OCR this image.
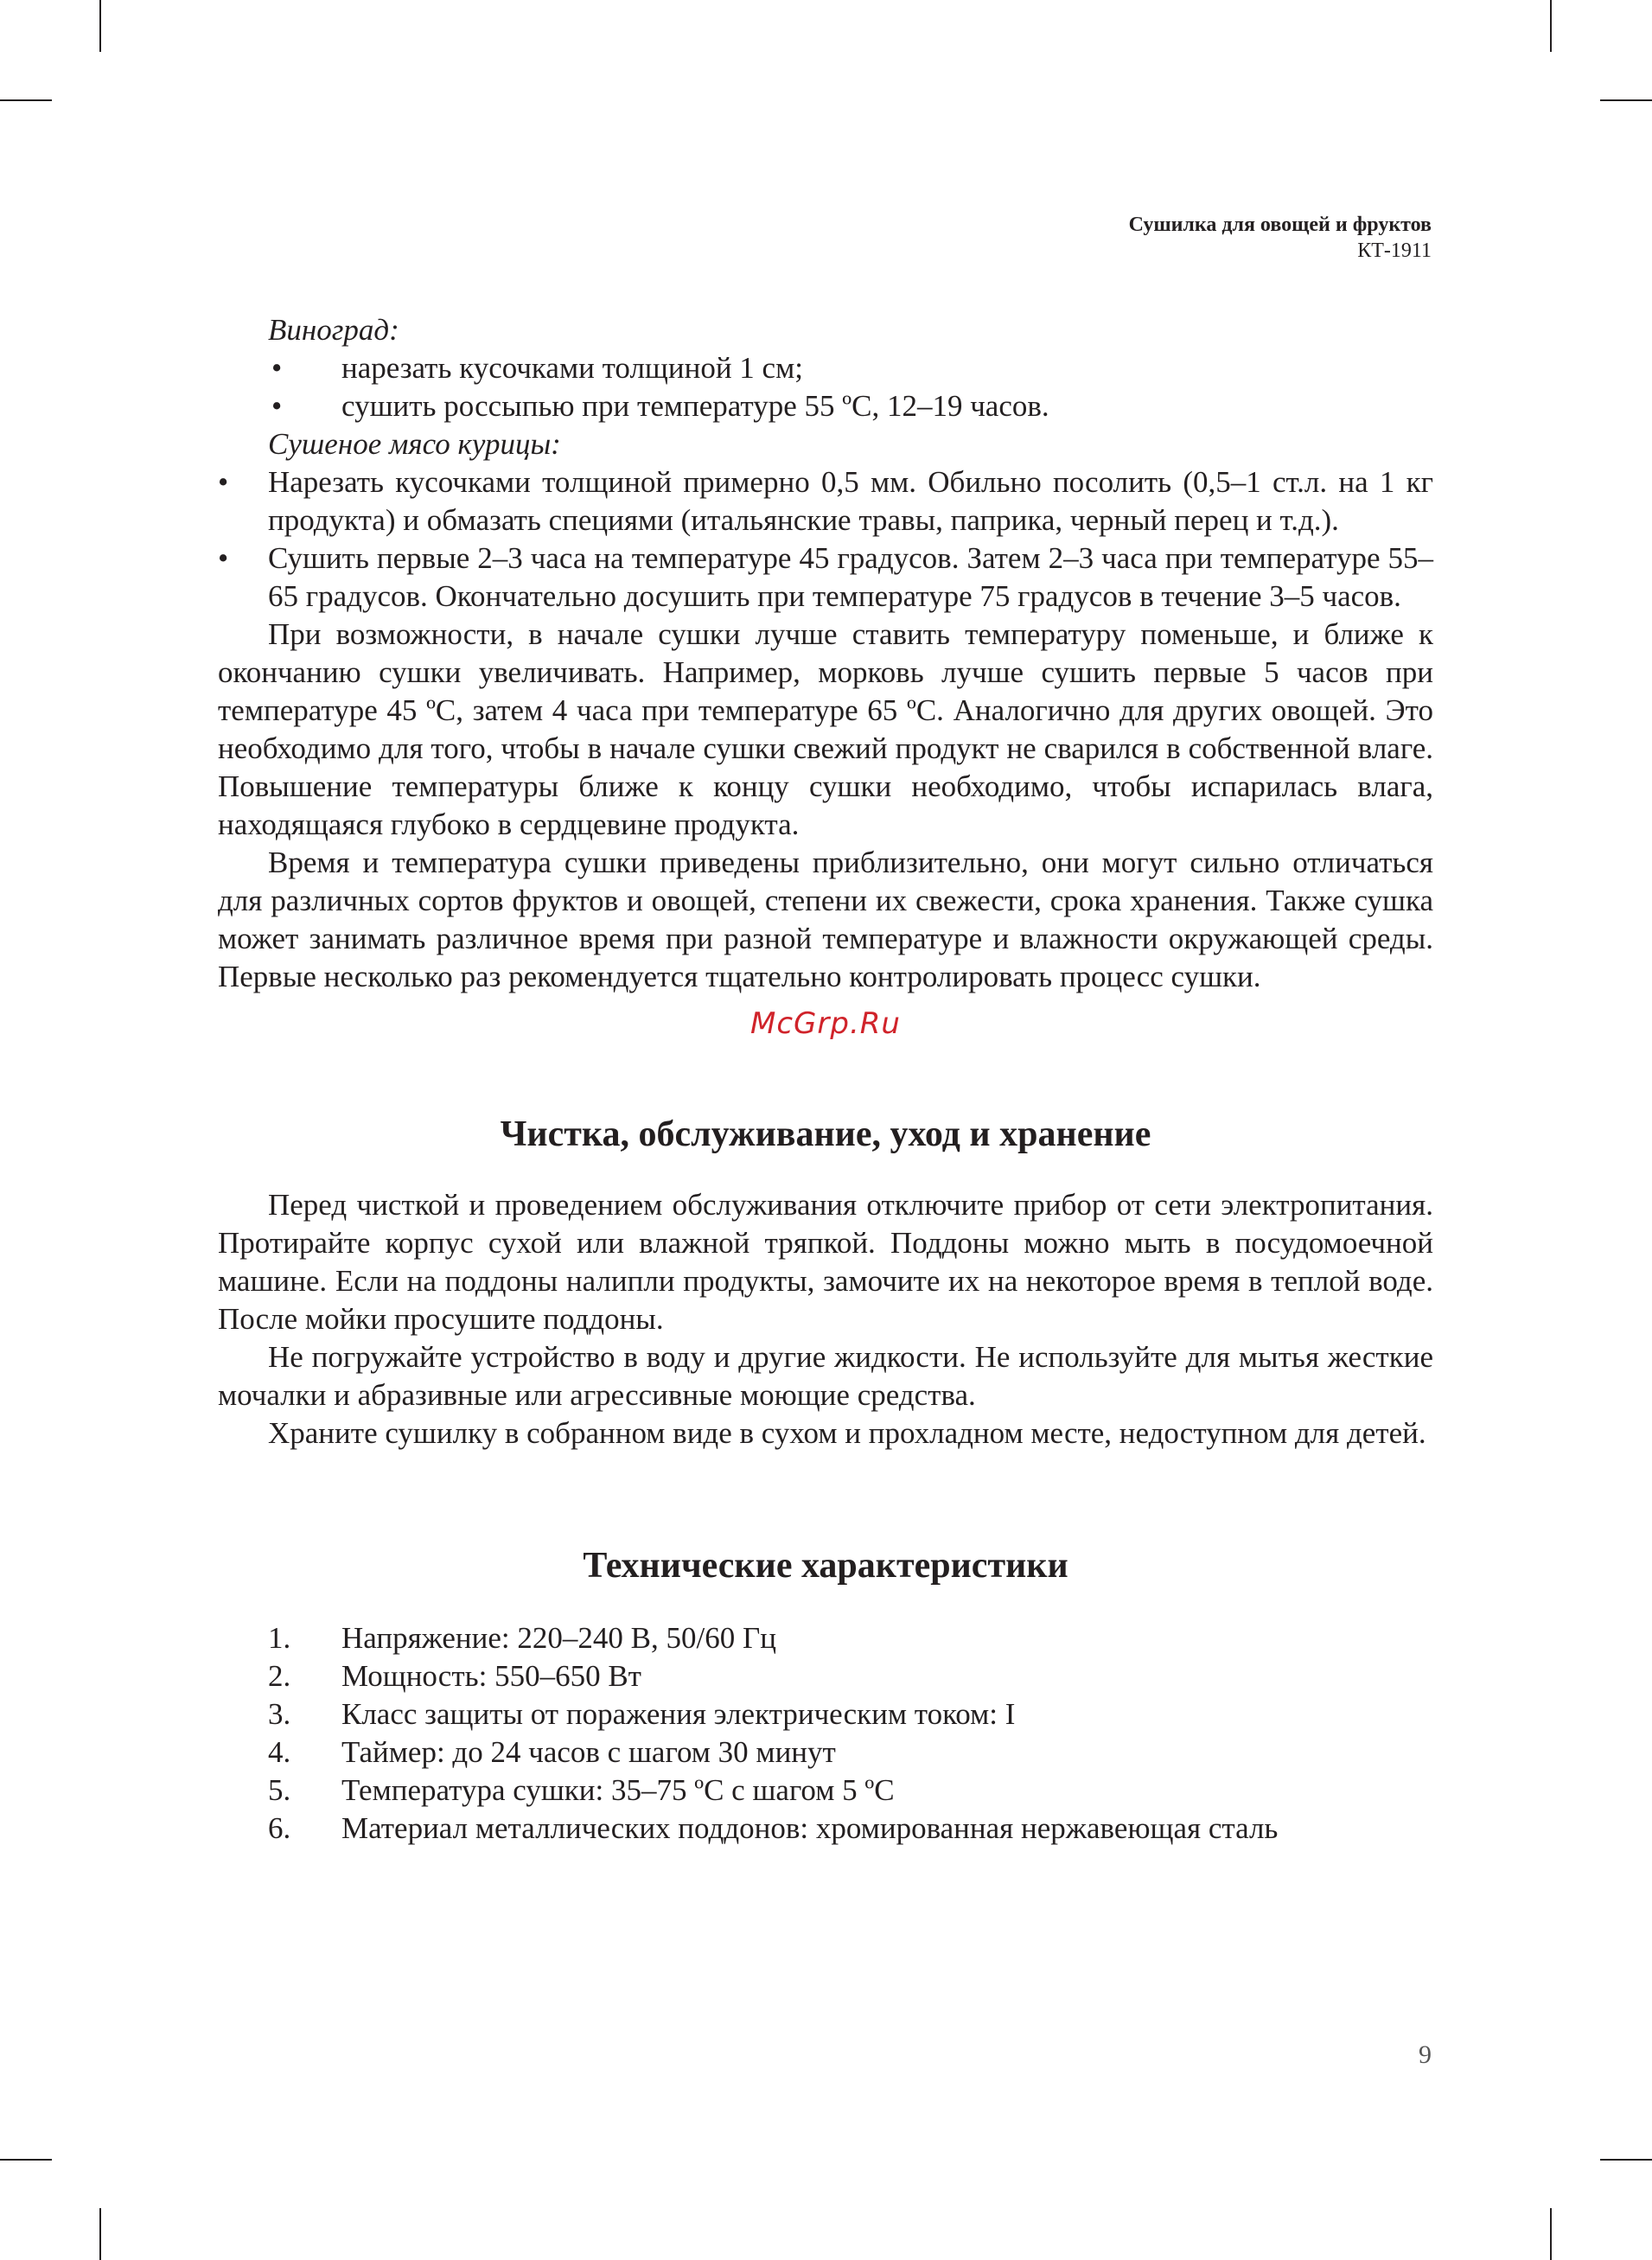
Сушилка для овощей и фруктов
КТ-1911

Виноград:

• нарезать кусочками толщиной 1 см;
• сушить россыпью при температуре 55 ºС, 12–19 часов.

Сушеное мясо курицы:

• Нарезать кусочками толщиной примерно 0,5 мм. Обильно посолить (0,5–1 ст.л. на 1 кг продукта) и обмазать специями (итальянские травы, паприка, черный перец и т.д.).
• Сушить первые 2–3 часа на температуре 45 градусов. Затем 2–3 часа при температуре 55–65 градусов. Окончательно досушить при температуре 75 градусов в течение 3–5 часов.

При возможности, в начале сушки лучше ставить температуру поменьше, и ближе к окончанию сушки увеличивать. Например, морковь лучше сушить первые 5 часов при температуре 45 ºС, затем 4 часа при температуре 65 ºС. Аналогично для других овощей. Это необходимо для того, чтобы в начале сушки свежий продукт не сварился в собственной влаге. Повышение температуры ближе к концу сушки необходимо, чтобы испарилась влага, находящаяся глубоко в сердцевине продукта.

Время и температура сушки приведены приблизительно, они могут сильно отличаться для различных сортов фруктов и овощей, степени их свежести, срока хранения. Также сушка может занимать различное время при разной температуре и влажности окружающей среды. Первые несколько раз рекомендуется тщательно контролировать процесс сушки.

McGrp.Ru
Чистка, обслуживание, уход и хранение

Перед чисткой и проведением обслуживания отключите прибор от сети электропитания. Протирайте корпус сухой или влажной тряпкой. Поддоны можно мыть в посудомоечной машине. Если на поддоны налипли продукты, замочите их на некоторое время в теплой воде. После мойки просушите поддоны.

Не погружайте устройство в воду и другие жидкости. Не используйте для мытья жесткие мочалки и абразивные или агрессивные моющие средства.

Храните сушилку в собранном виде в сухом и прохладном месте, недоступном для детей.

Технические характеристики
1. Напряжение: 220–240 В, 50/60 Гц
2. Мощность: 550–650 Вт
3. Класс защиты от поражения электрическим током: I
4. Таймер: до 24 часов с шагом 30 минут
5. Температура сушки: 35–75 ºС с шагом 5 ºС
6. Материал металлических поддонов: хромированная нержавеющая сталь
9
